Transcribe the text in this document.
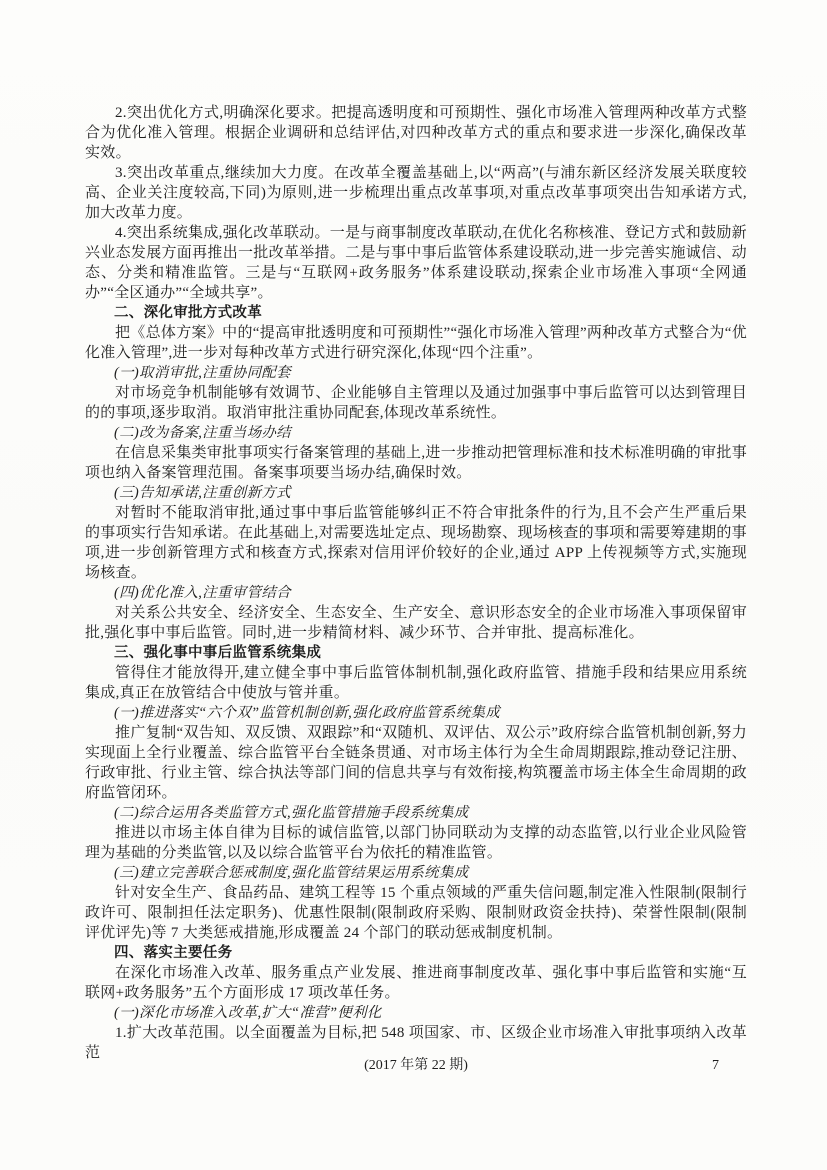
2.突出优化方式,明确深化要求。把提高透明度和可预期性、强化市场准入管理两种改革方式整合为优化准入管理。根据企业调研和总结评估,对四种改革方式的重点和要求进一步深化,确保改革实效。
3.突出改革重点,继续加大力度。在改革全覆盖基础上,以“两高”(与浦东新区经济发展关联度较高、企业关注度较高,下同)为原则,进一步梳理出重点改革事项,对重点改革事项突出告知承诺方式,加大改革力度。
4.突出系统集成,强化改革联动。一是与商事制度改革联动,在优化名称核准、登记方式和鼓励新兴业态发展方面再推出一批改革举措。二是与事中事后监管体系建设联动,进一步完善实施诚信、动态、分类和精准监管。三是与“互联网+政务服务”体系建设联动,探索企业市场准入事项“全网通办”“全区通办”“全域共享”。
二、深化审批方式改革
把《总体方案》中的“提高审批透明度和可预期性”“强化市场准入管理”两种改革方式整合为“优化准入管理”,进一步对每种改革方式进行研究深化,体现“四个注重”。
(一)取消审批,注重协同配套
对市场竞争机制能够有效调节、企业能够自主管理以及通过加强事中事后监管可以达到管理目的的事项,逐步取消。取消审批注重协同配套,体现改革系统性。
(二)改为备案,注重当场办结
在信息采集类审批事项实行备案管理的基础上,进一步推动把管理标准和技术标准明确的审批事项也纳入备案管理范围。备案事项要当场办结,确保时效。
(三)告知承诺,注重创新方式
对暂时不能取消审批,通过事中事后监管能够纠正不符合审批条件的行为,且不会产生严重后果的事项实行告知承诺。在此基础上,对需要选址定点、现场勘察、现场核查的事项和需要筹建期的事项,进一步创新管理方式和核查方式,探索对信用评价较好的企业,通过 APP 上传视频等方式,实施现场核查。
(四)优化准入,注重审管结合
对关系公共安全、经济安全、生态安全、生产安全、意识形态安全的企业市场准入事项保留审批,强化事中事后监管。同时,进一步精简材料、减少环节、合并审批、提高标准化。
三、强化事中事后监管系统集成
管得住才能放得开,建立健全事中事后监管体制机制,强化政府监管、措施手段和结果应用系统集成,真正在放管结合中使放与管并重。
(一)推进落实“六个双”监管机制创新,强化政府监管系统集成
推广复制“双告知、双反馈、双跟踪”和“双随机、双评估、双公示”政府综合监管机制创新,努力实现面上全行业覆盖、综合监管平台全链条贯通、对市场主体行为全生命周期跟踪,推动登记注册、行政审批、行业主管、综合执法等部门间的信息共享与有效衔接,构筑覆盖市场主体全生命周期的政府监管闭环。
(二)综合运用各类监管方式,强化监管措施手段系统集成
推进以市场主体自律为目标的诚信监管,以部门协同联动为支撑的动态监管,以行业企业风险管理为基础的分类监管,以及以综合监管平台为依托的精准监管。
(三)建立完善联合惩戒制度,强化监管结果运用系统集成
针对安全生产、食品药品、建筑工程等 15 个重点领域的严重失信问题,制定准入性限制(限制行政许可、限制担任法定职务)、优惠性限制(限制政府采购、限制财政资金扶持)、荣誉性限制(限制评优评先)等 7 大类惩戒措施,形成覆盖 24 个部门的联动惩戒制度机制。
四、落实主要任务
在深化市场准入改革、服务重点产业发展、推进商事制度改革、强化事中事后监管和实施“互联网+政务服务”五个方面形成 17 项改革任务。
(一)深化市场准入改革,扩大“准营”便利化
1.扩大改革范围。以全面覆盖为目标,把 548 项国家、市、区级企业市场准入审批事项纳入改革范
(2017 年第 22 期)	7
